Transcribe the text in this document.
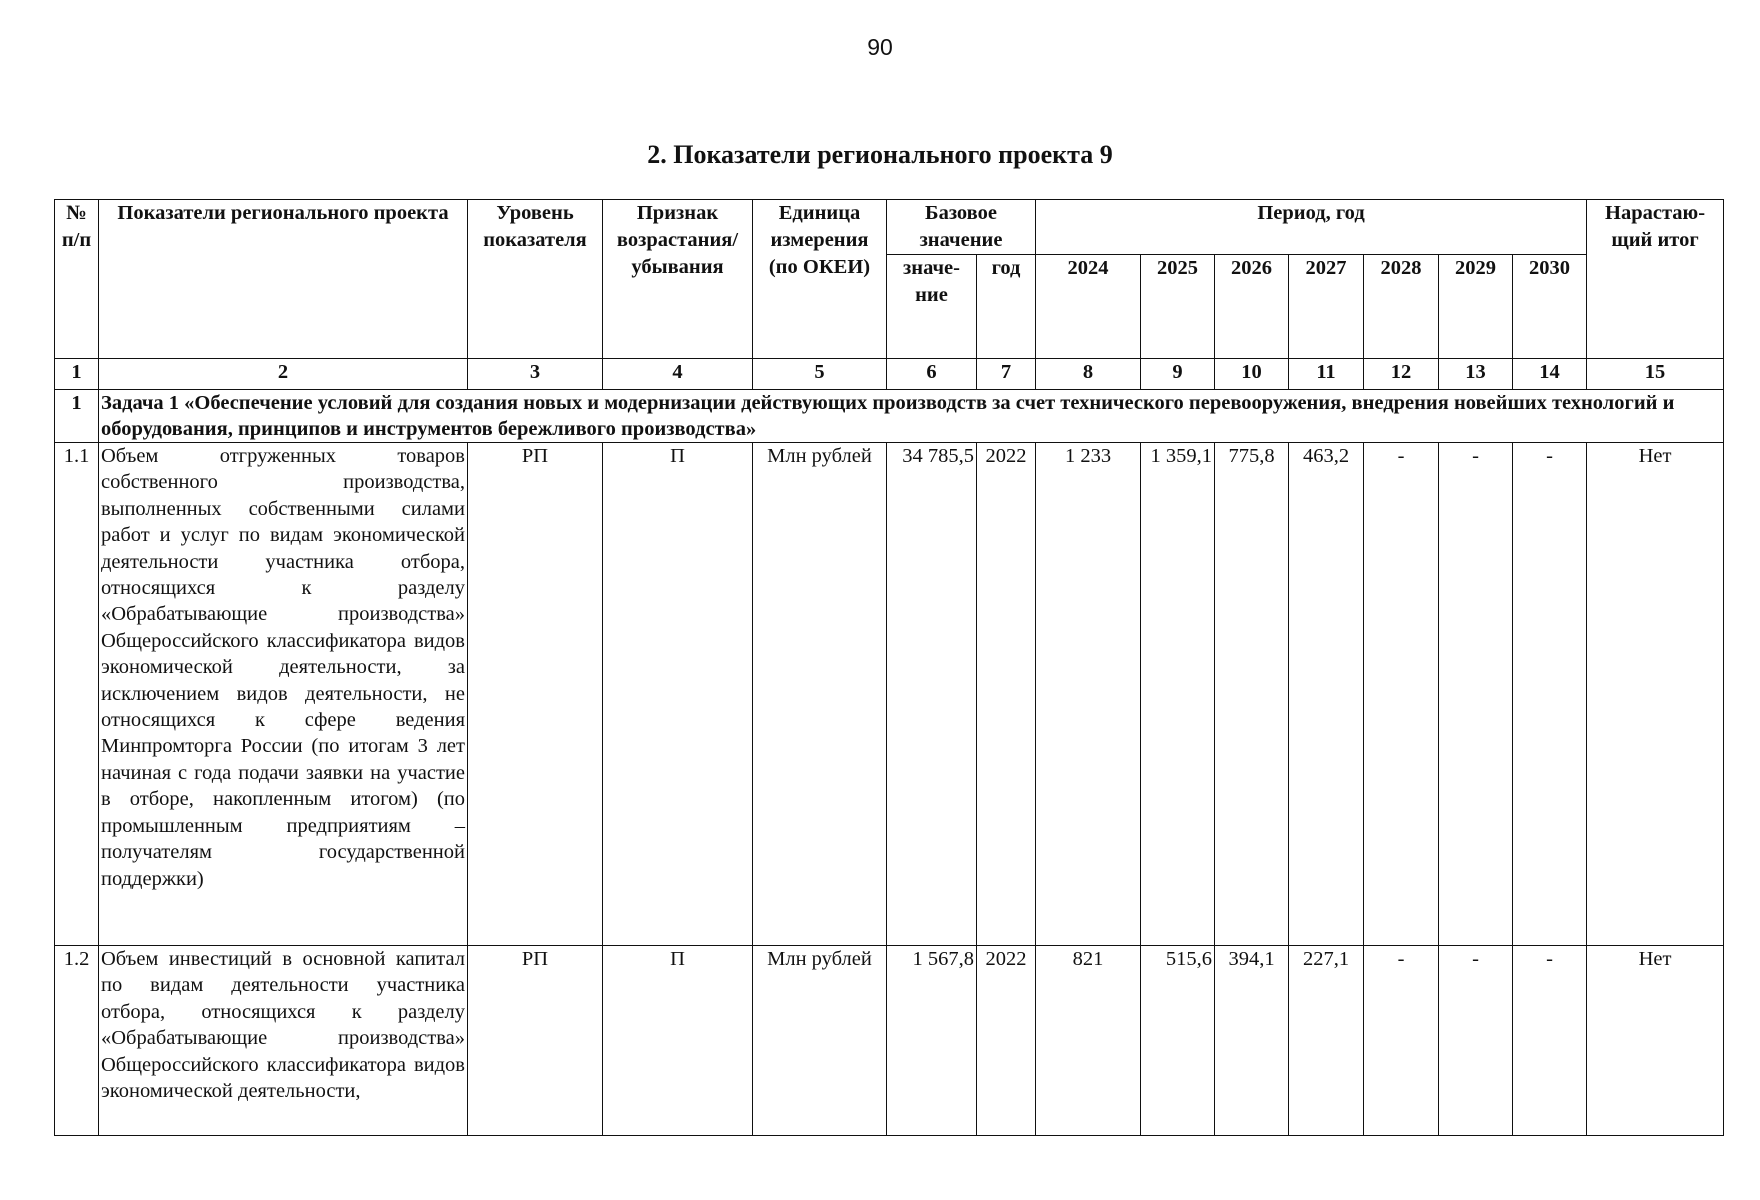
90
2. Показатели регионального проекта 9
№ п/п	Показатели регионального проекта	Уровень показателя	Признак возрастания/ убывания	Единица измерения (по ОКЕИ)	Базовое значение		Период, год							Нарастаю-щий итог
					значе-ние	год	2024	2025	2026	2027	2028	2029	2030	
1	2	3	4	5	6	7	8	9	10	11	12	13	14	15
1	Задача 1 «Обеспечение условий для создания новых и модернизации действующих производств за счет технического перевооружения, внедрения новейших технологий и оборудования, принципов и инструментов бережливого производства»													
1.1	Объем отгруженных товаров собственного производства, выполненных собственными силами работ и услуг по видам экономической деятельности участника отбора, относящихся к разделу «Обрабатывающие производства» Общероссийского классификатора видов экономической деятельности, за исключением видов деятельности, не относящихся к сфере ведения Минпромторга России (по итогам 3 лет начиная с года подачи заявки на участие в отборе, накопленным итогом) (по промышленным предприятиям – получателям государственной поддержки)	РП	П	Млн рублей	34 785,5	2022	1 233	1 359,1	775,8	463,2	-	-	-	Нет
1.2	Объем инвестиций в основной капитал по видам деятельности участника отбора, относящихся к разделу «Обрабатывающие производства» Общероссийского классификатора видов экономической деятельности,	РП	П	Млн рублей	1 567,8	2022	821	515,6	394,1	227,1	-	-	-	Нет
